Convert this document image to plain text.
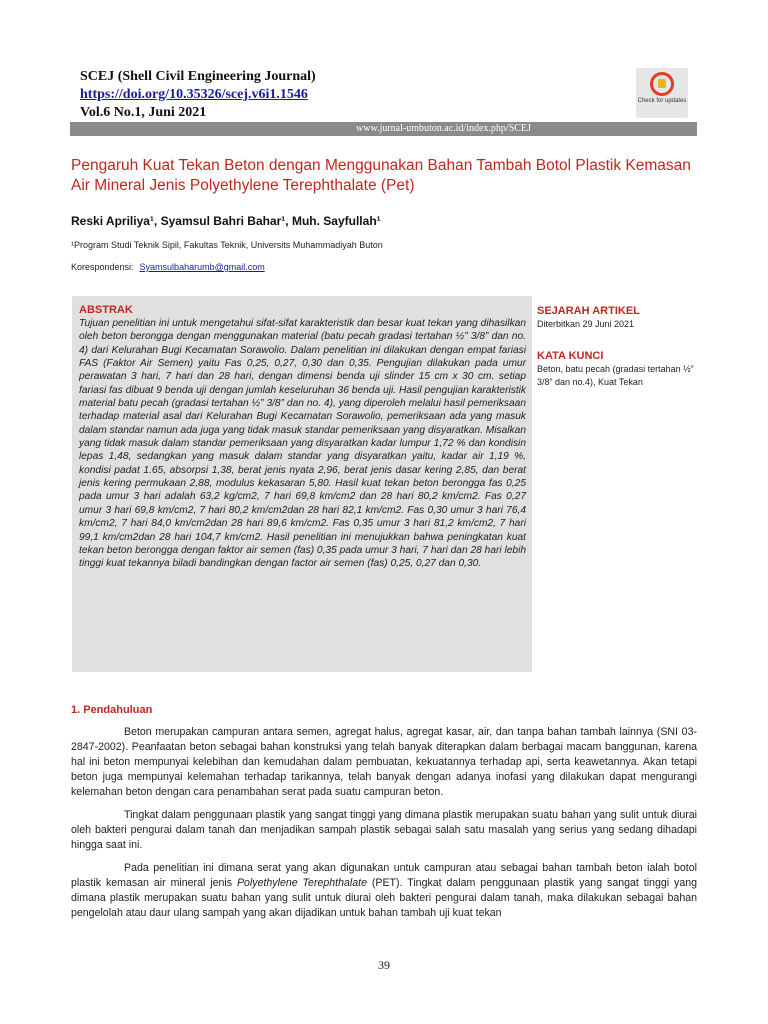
SCEJ (Shell Civil Engineering Journal)
https://doi.org/10.35326/scej.v6i1.1546
Vol.6 No.1, Juni 2021
Check for updates
www.jurnal-umbuton.ac.id/index.php/SCEJ
Pengaruh Kuat Tekan Beton dengan Menggunakan Bahan Tambah Botol Plastik Kemasan Air Mineral Jenis Polyethylene Terephthalate (Pet)
Reski Apriliya¹, Syamsul Bahri Bahar¹, Muh. Sayfullah¹
¹Program Studi Teknik Sipil, Fakultas Teknik, Universits Muhammadiyah Buton
Korespondensi: Syamsulbaharumb@gmail.com
ABSTRAK
Tujuan penelitian ini untuk mengetahui sifat-sifat karakteristik dan besar kuat tekan yang dihasilkan oleh beton berongga dengan menggunakan material (batu pecah gradasi tertahan ½” 3/8” dan no. 4) dari Kelurahan Bugi Kecamatan Sorawolio. Dalam penelitian ini dilakukan dengan empat fariasi FAS (Faktor Air Semen) yaitu Fas 0,25, 0,27, 0,30 dan 0,35. Pengujian dilakukan pada umur perawatan 3 hari, 7 hari dan 28 hari, dengan dimensi benda uji slinder 15 cm x 30 cm. setiap fariasi fas dibuat 9 benda uji dengan jumlah keseluruhan 36 benda uji. Hasil pengujian karakteristik material batu pecah (gradasi tertahan ½” 3/8” dan no. 4), yang diperoleh melalui hasil pemeriksaan terhadap material asal dari Kelurahan Bugi Kecamatan Sorawolio, pemeriksaan ada yang masuk dalam standar namun ada juga yang tidak masuk standar pemeriksaan yang disyaratkan. Misalkan yang tidak masuk dalam standar pemeriksaan yang disyaratkan kadar lumpur 1,72 % dan kondisin lepas 1,48, sedangkan yang masuk dalam standar yang disyaratkan yaitu, kadar air 1,19 %, kondisi padat 1.65, absorpsi 1,38, berat jenis nyata 2,96, berat jenis dasar kering 2,85, dan berat jenis kering permukaan 2,88, modulus kekasaran 5,80. Hasil kuat tekan beton berongga fas 0,25 pada umur 3 hari adalah 63,2 kg/cm2, 7 hari 69,8 km/cm2 dan 28 hari 80,2 km/cm2. Fas 0,27 umur 3 hari 69,8 km/cm2, 7 hari 80,2 km/cm2dan 28 hari 82,1 km/cm2. Fas 0,30 umur 3 hari 76,4 km/cm2, 7 hari 84,0 km/cm2dan 28 hari 89,6 km/cm2. Fas 0,35 umur 3 hari 81,2 km/cm2, 7 hari 99,1 km/cm2dan 28 hari 104,7 km/cm2. Hasil penelitian ini menujukkan bahwa peningkatan kuat tekan beton berongga dengan faktor air semen (fas) 0,35 pada umur 3 hari, 7 hari dan 28 hari lebih tinggi kuat tekannya biladi bandingkan dengan factor air semen (fas) 0,25, 0,27 dan 0,30.
SEJARAH ARTIKEL
Diterbitkan 29 Juni 2021
KATA KUNCI
Beton, batu pecah (gradasi tertahan ½” 3/8” dan no.4), Kuat Tekan
1. Pendahuluan
Beton merupakan campuran antara semen, agregat halus, agregat kasar, air, dan tanpa bahan tambah lainnya (SNI 03-2847-2002). Peanfaatan beton sebagai bahan konstruksi yang telah banyak diterapkan dalam berbagai macam banggunan, karena hal ini beton mempunyai kelebihan dan kemudahan dalam pembuatan, kekuatannya terhadap api, serta keawetannya. Akan tetapi beton juga mempunyai kelemahan terhadap tarikannya, telah banyak dengan adanya inofasi yang dilakukan dapat mengurangi kelemahan beton dengan cara penambahan serat pada suatu campuran beton.
Tingkat dalam penggunaan plastik yang sangat tinggi yang dimana plastik merupakan suatu bahan yang sulit untuk diurai oleh bakteri pengurai dalam tanah dan menjadikan sampah plastik sebagai salah satu masalah yang serius yang sedang dihadapi hingga saat ini.
Pada penelitian ini dimana serat yang akan digunakan untuk campuran atau sebagai bahan tambah beton ialah botol plastik kemasan air mineral jenis Polyethylene Terephthalate (PET). Tingkat dalam penggunaan plastik yang sangat tinggi yang dimana plastik merupakan suatu bahan yang sulit untuk diurai oleh bakteri pengurai dalam tanah, maka dilakukan sebagai bahan pengelolah atau daur ulang sampah yang akan dijadikan untuk bahan tambah uji kuat tekan
39
